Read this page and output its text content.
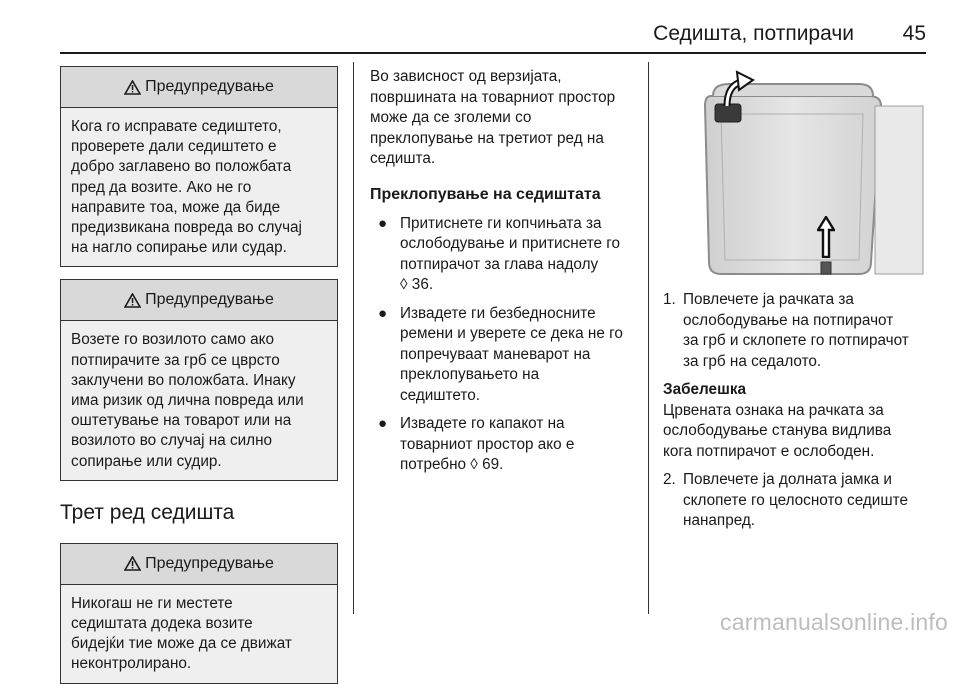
Седишта, потпирачи 45
Предупредување
Кога го исправате седиштето,
проверете дали седиштето е
добро заглавено во положбата
пред да возите. Ако не го
направите тоа, може да биде
предизвикана повреда во случај
на нагло сопирање или судар.
Предупредување
Возете го возилото само ако
потпирачите за грб се цврсто
заклучени во положбата. Инаку
има ризик од лична повреда или
оштетување на товарот или на
возилото во случај на силно
сопирање или судир.
Трет ред седишта
Предупредување
Никогаш не ги местете
седиштата додека возите
бидејќи тие може да се движат
неконтролирано.
Во зависност од верзијата,
површината на товарниот простор
може да се зголеми со
преклопување на третиот ред на
седишта.
Преклопување на седиштата
● Притиснете ги копчињата за
ослободување и притиснете го
потпирачот за глава надолу
◊ 36.
● Извадете ги безбедносните
ремени и уверете се дека не го
попречуваат маневарот на
преклопувањето на
седиштето.
● Извадете го капакот на
товарниот простор ако е
потребно ◊ 69.
1. Повлечете ја рачката за
ослободување на потпирачот
за грб и склопете го потпирачот
за грб на седалото.
Забелешка
Црвената ознака на рачката за
ослободување станува видлива
кога потпирачот е ослободен.
2. Повлечете ја долната јамка и
склопете го целосното седиште
нанапред.
carmanualsonline.info
